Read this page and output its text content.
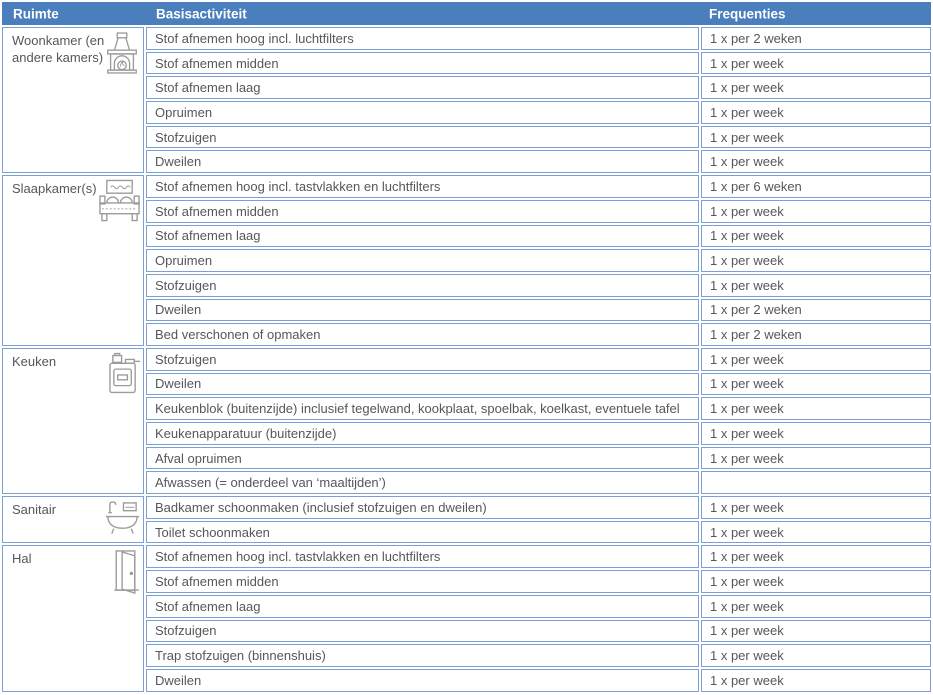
Ruimte Basisactiviteit Frequenties		

Woonkamer (en andere kamers)	Stof afnemen hoog incl. luchtfilters	1 x per 2 weken
	Stof afnemen midden	1 x per week
	Stof afnemen laag	1 x per week
	Opruimen	1 x per week
	Stofzuigen	1 x per week
	Dweilen	1 x per week
Slaapkamer(s)	Stof afnemen hoog incl. tastvlakken en luchtfilters	1 x per 6 weken
	Stof afnemen midden	1 x per week
	Stof afnemen laag	1 x per week
	Opruimen	1 x per week
	Stofzuigen	1 x per week
	Dweilen	1 x per 2 weken
	Bed verschonen of opmaken	1 x per 2 weken
Keuken	Stofzuigen	1 x per week
	Dweilen	1 x per week
	Keukenblok (buitenzijde) inclusief tegelwand, kookplaat, spoelbak, koelkast, eventuele tafel	1 x per week
	Keukenapparatuur (buitenzijde)	1 x per week
	Afval opruimen	1 x per week
	Afwassen (= onderdeel van ‘maaltijden’)	
Sanitair	Badkamer schoonmaken (inclusief stofzuigen en dweilen)	1 x per week
	Toilet schoonmaken	1 x per week
Hal	Stof afnemen hoog incl. tastvlakken en luchtfilters	1 x per week
	Stof afnemen midden	1 x per week
	Stof afnemen laag	1 x per week
	Stofzuigen	1 x per week
	Trap stofzuigen (binnenshuis)	1 x per week
	Dweilen	1 x per week
